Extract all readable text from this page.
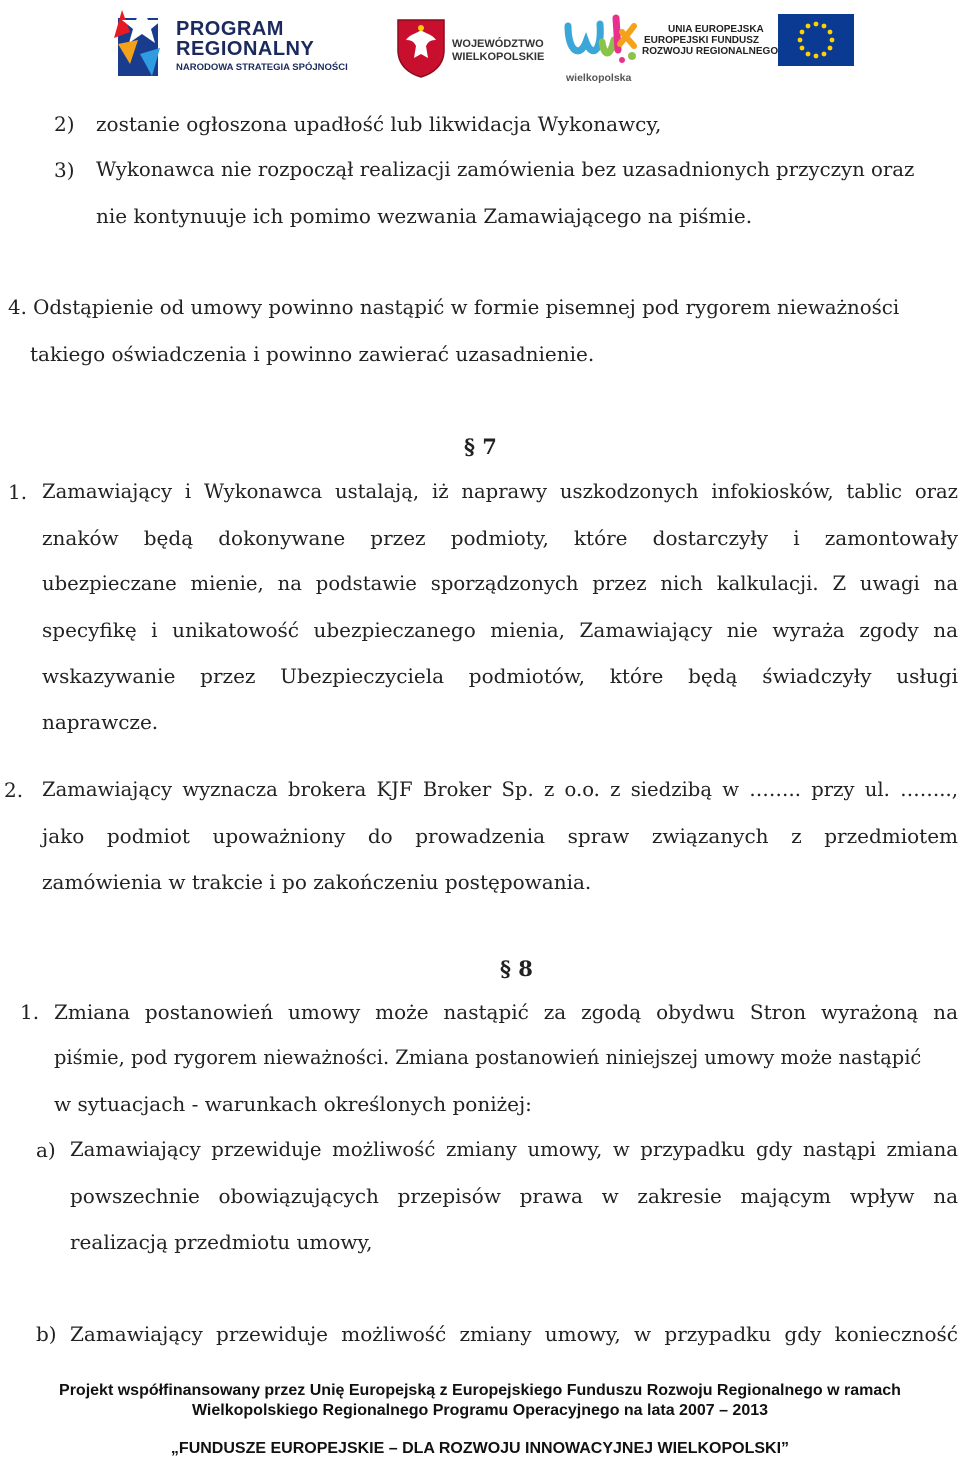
PROGRAM
REGIONALNY
NARODOWA STRATEGIA SPÓJNOŚCI
WOJEWÓDZTWO
WIELKOPOLSKIE
wielkopolska
UNIA EUROPEJSKA
EUROPEJSKI FUNDUSZ
ROZWOJU REGIONALNEGO
2) zostanie ogłoszona upadłość lub likwidacja Wykonawcy,
3) Wykonawca nie rozpoczął realizacji zamówienia bez uzasadnionych przyczyn oraz
nie kontynuuje ich pomimo wezwania Zamawiającego na piśmie.
4. Odstąpienie od umowy powinno nastąpić w formie pisemnej pod rygorem nieważności
takiego oświadczenia i powinno zawierać uzasadnienie.
§ 7
1. Zamawiający i Wykonawca ustalają, iż naprawy uszkodzonych infokiosków, tablic oraz
znaków będą dokonywane przez podmioty, które dostarczyły i zamontowały
ubezpieczane mienie, na podstawie sporządzonych przez nich kalkulacji. Z uwagi na
specyfikę i unikatowość ubezpieczanego mienia, Zamawiający nie wyraża zgody na
wskazywanie przez Ubezpieczyciela podmiotów, które będą świadczyły usługi
naprawcze.
2. Zamawiający wyznacza brokera KJF Broker Sp. z o.o. z siedzibą w …….. przy ul. ……..,
jako podmiot upoważniony do prowadzenia spraw związanych z przedmiotem
zamówienia w trakcie i po zakończeniu postępowania.
§ 8
1. Zmiana postanowień umowy może nastąpić za zgodą obydwu Stron wyrażoną na
piśmie, pod rygorem nieważności. Zmiana postanowień niniejszej umowy może nastąpić
w sytuacjach - warunkach określonych poniżej:
a) Zamawiający przewiduje możliwość zmiany umowy, w przypadku gdy nastąpi zmiana
powszechnie obowiązujących przepisów prawa w zakresie mającym wpływ na
realizacją przedmiotu umowy,
b) Zamawiający przewiduje możliwość zmiany umowy, w przypadku gdy konieczność
Projekt współfinansowany przez Unię Europejską z Europejskiego Funduszu Rozwoju Regionalnego w ramach
Wielkopolskiego Regionalnego Programu Operacyjnego na lata 2007 – 2013
„FUNDUSZE EUROPEJSKIE – DLA ROZWOJU INNOWACYJNEJ WIELKOPOLSKI”
